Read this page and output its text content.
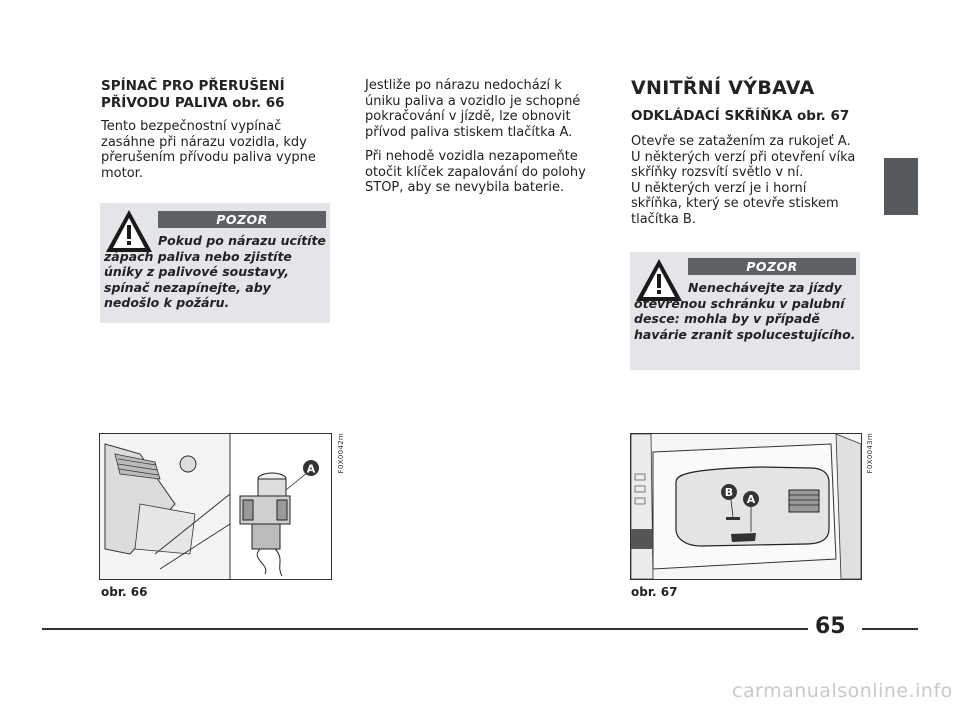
SPÍNAČ PRO PŘERUŠENÍ
PŘÍVODU PALIVA obr. 66

Tento bezpečnostní vypínač zasáhne při nárazu vozidla, kdy přerušením přívodu paliva vypne motor.

POZOR
Pokud po nárazu ucítíte zápach paliva nebo zjistíte úniky z palivové soustavy, spínač nezapínejte, aby nedošlo k požáru.
A	F0X0042m
obr. 66

Jestliže po nárazu nedochází k úniku paliva a vozidlo je schopné pokračování v jízdě, lze obnovit přívod paliva stiskem tlačítka A.

Při nehodě vozidla nezapomeňte otočit klíček zapalování do polohy STOP, aby se nevybila baterie.

VNITŘNÍ VÝBAVA
ODKLÁDACÍ SKŘÍŇKA obr. 67
Otevře se zatažením za rukojeť A.
U některých verzí při otevření víka skříňky rozsvítí světlo v ní.
U některých verzí je i horní skříňka, který se otevře stiskem tlačítka B.
POZOR
Nenechávejte za jízdy otevřenou schránku v palubní desce: mohla by v případě havárie zranit spolucestujícího.
B
A
F0X0043m
obr. 67
65
carmanualsonline.info
